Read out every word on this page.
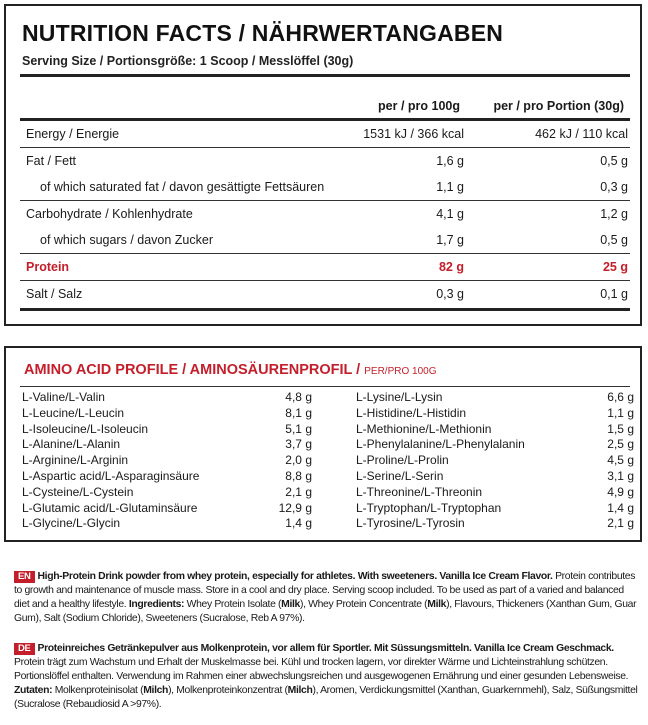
NUTRITION FACTS / NÄHRWERTANGABEN
Serving Size / Portionsgröße: 1 Scoop / Messlöffel (30g)
per / pro 100g	per / pro Portion (30g)
Energy / Energie	1531 kJ / 366 kcal	462 kJ / 110 kcal
Fat / Fett	1,6 g	0,5 g
of which saturated fat / davon gesättigte Fettsäuren	1,1 g	0,3 g
Carbohydrate / Kohlenhydrate	4,1 g	1,2 g
of which sugars / davon Zucker	1,7 g	0,5 g
Protein	82 g	25 g
Salt / Salz	0,3 g	0,1 g
AMINO ACID PROFILE / AMINOSÄURENPROFIL / PER/PRO 100G
L-Valine/L-Valin	4,8 g
L-Leucine/L-Leucin	8,1 g
L-Isoleucine/L-Isoleucin	5,1 g
L-Alanine/L-Alanin	3,7 g
L-Arginine/L-Arginin	2,0 g
L-Aspartic acid/L-Asparaginsäure	8,8 g
L-Cysteine/L-Cystein	2,1 g
L-Glutamic acid/L-Glutaminsäure	12,9 g
L-Glycine/L-Glycin	1,4 g
L-Lysine/L-Lysin	6,6 g
L-Histidine/L-Histidin	1,1 g
L-Methionine/L-Methionin	1,5 g
L-Phenylalanine/L-Phenylalanin	2,5 g
L-Proline/L-Prolin	4,5 g
L-Serine/L-Serin	3,1 g
L-Threonine/L-Threonin	4,9 g
L-Tryptophan/L-Tryptophan	1,4 g
L-Tyrosine/L-Tyrosin	2,1 g
EN High-Protein Drink powder from whey protein, especially for athletes. With sweeteners. Vanilla Ice Cream Flavor. Protein contributes to growth and maintenance of muscle mass. Store in a cool and dry place. Serving scoop included. To be used as part of a varied and balanced diet and a healthy lifestyle. Ingredients: Whey Protein Isolate (Milk), Whey Protein Concentrate (Milk), Flavours, Thickeners (Xanthan Gum, Guar Gum), Salt (Sodium Chloride), Sweeteners (Sucralose, Reb A 97%).
DE Proteinreiches Getränkepulver aus Molkenprotein, vor allem für Sportler. Mit Süssungsmitteln. Vanilla Ice Cream Geschmack. Protein trägt zum Wachstum und Erhalt der Muskelmasse bei. Kühl und trocken lagern, vor direkter Wärme und Lichteinstrahlung schützen. Portionslöffel enthalten. Verwendung im Rahmen einer abwechslungsreichen und ausgewogenen Ernährung und einer gesunden Lebensweise. Zutaten: Molkenproteinisolat (Milch), Molkenproteinkonzentrat (Milch), Aromen, Verdickungsmittel (Xanthan, Guarkernmehl), Salz, Süßungsmittel (Sucralose (Rebaudiosid A >97%).
